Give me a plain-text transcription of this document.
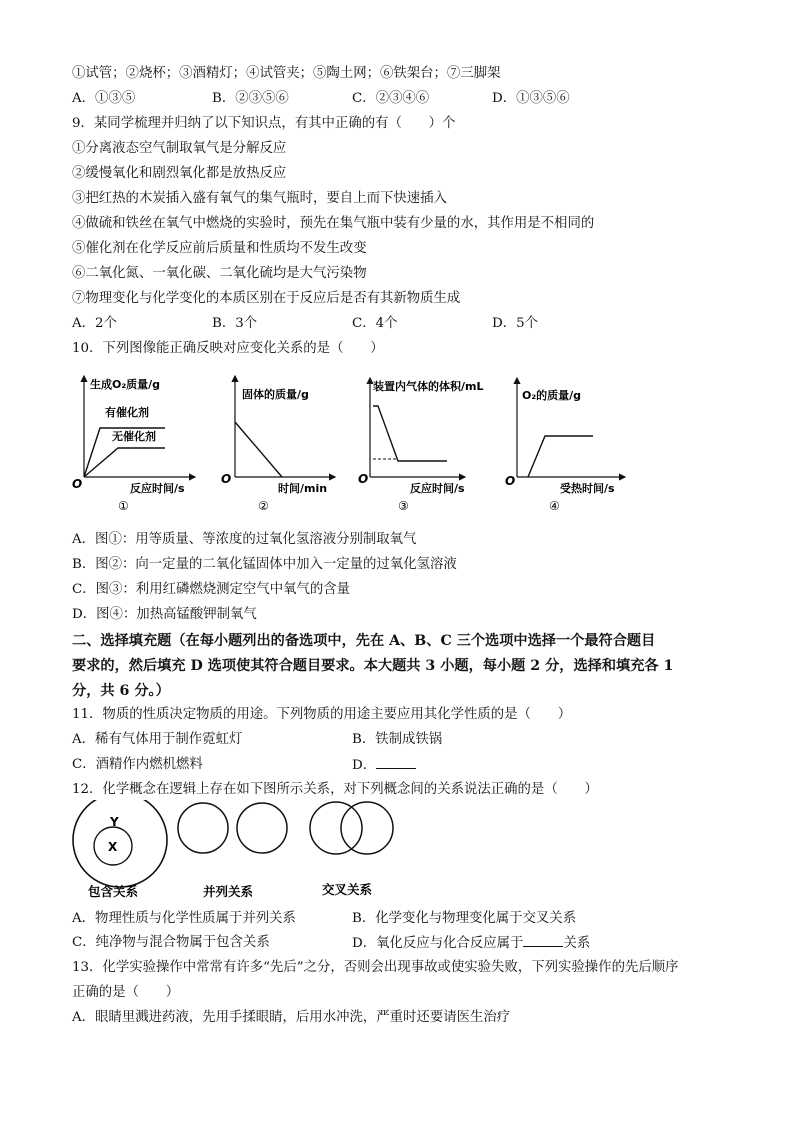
①试管；②烧杯；③酒精灯；④试管夹；⑤陶土网；⑥铁架台；⑦三脚架
A．①③⑤	B．②③⑤⑥	C．②③④⑥	D．①③⑤⑥
9．某同学梳理并归纳了以下知识点，有其中正确的有（　　）个
①分离液态空气制取氧气是分解反应
②缓慢氧化和剧烈氧化都是放热反应
③把红热的木炭插入盛有氧气的集气瓶时，要自上而下快速插入
④做硫和铁丝在氧气中燃烧的实验时，预先在集气瓶中装有少量的水，其作用是不相同的
⑤催化剂在化学反应前后质量和性质均不发生改变
⑥二氧化氮、一氧化碳、二氧化硫均是大气污染物
⑦物理变化与化学变化的本质区别在于反应后是否有其新物质生成
A．2个	B．3个	C．4个	D．5个
10．下列图像能正确反映对应变化关系的是（　　）
生成O₂质量/g
有催化剂
无催化剂
O	反应时间/s
①
固体的质量/g
O
时间/min
②
装置内气体的体积/mL
O
反应时间/s
③
O₂的质量/g
O
受热时间/s
④
A．图①：用等质量、等浓度的过氧化氢溶液分别制取氧气
B．图②：向一定量的二氧化锰固体中加入一定量的过氧化氢溶液
C．图③：利用红磷燃烧测定空气中氧气的含量
D．图④：加热高锰酸钾制氧气
二、选择填充题（在每小题列出的备选项中，先在 A、B、C 三个选项中选择一个最符合题目
要求的，然后填充 D 选项使其符合题目要求。本大题共 3 小题，每小题 2 分，选择和填充各 1
分，共 6 分。）
11．物质的性质决定物质的用途。下列物质的用途主要应用其化学性质的是（　　）
A．稀有气体用于制作霓虹灯	B．铁制成铁锅
C．酒精作内燃机燃料	D．
12．化学概念在逻辑上存在如下图所示关系，对下列概念间的关系说法正确的是（　　）
Y
X
包含关系	并列关系	交叉关系
A．物理性质与化学性质属于并列关系	B．化学变化与物理变化属于交叉关系
C．纯净物与混合物属于包含关系	D．氧化反应与化合反应属于	关系
13．化学实验操作中常常有许多“先后”之分，否则会出现事故或使实验失败，下列实验操作的先后顺序
正确的是（　　）
A．眼睛里溅进药液，先用手揉眼睛，后用水冲洗，严重时还要请医生治疗
